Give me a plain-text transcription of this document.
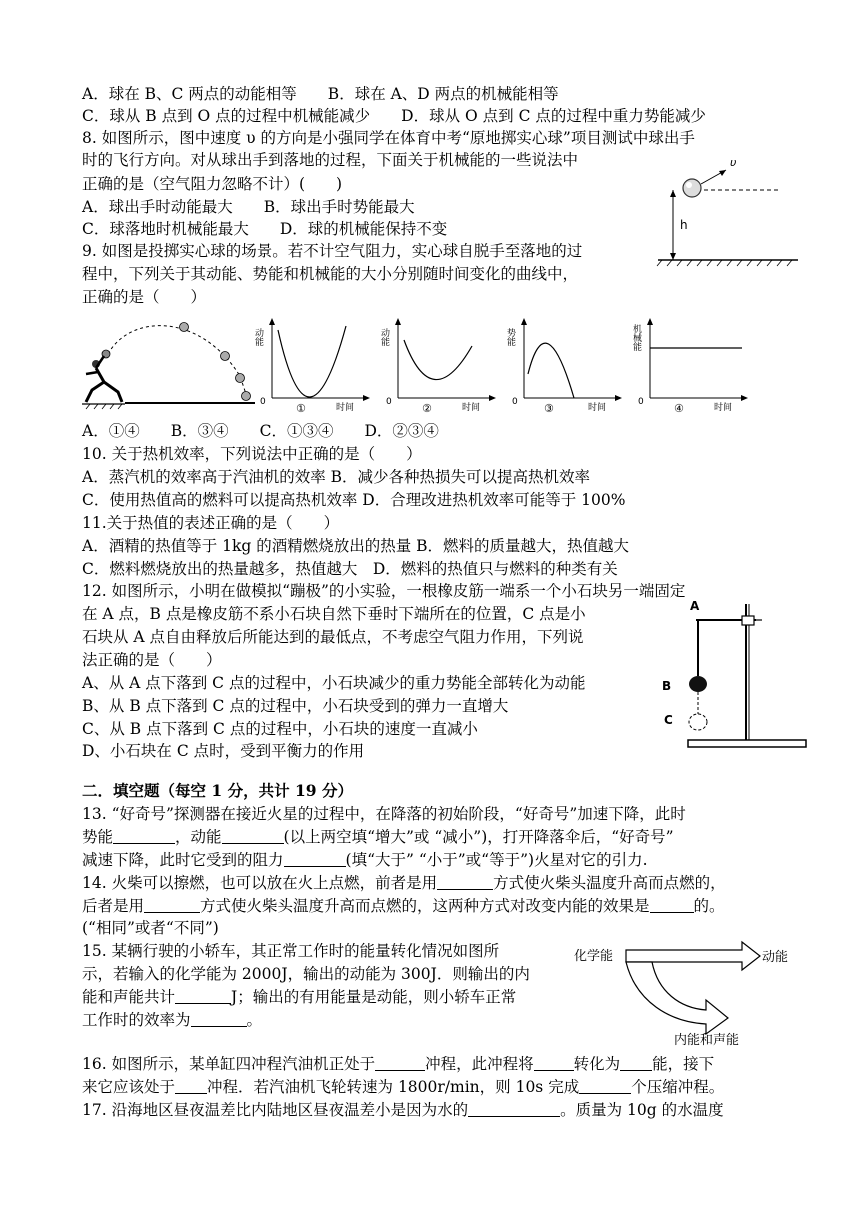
A．球在 B、C 两点的动能相等　　B．球在 A、D 两点的机械能相等
C．球从 B 点到 O 点的过程中机械能减少　　D．球从 O 点到 C 点的过程中重力势能减少
8. 如图所示，图中速度 υ 的方向是小强同学在体育中考“原地掷实心球”项目测试中球出手
时的飞行方向。对从球出手到落地的过程，下面关于机械能的一些说法中
正确的是（空气阻力忽略不计）(　　)
A．球出手时动能最大　　B．球出手时势能最大
C．球落地时机械能最大　　D．球的机械能保持不变
υ
h
9. 如图是投掷实心球的场景。若不计空气阻力，实心球自脱手至落地的过
程中，下列关于其动能、势能和机械能的大小分别随时间变化的曲线中，
正确的是（　　）
0
动能
时间
①	0
动能
时间
②	0
势能
时间
③	0
机械能
时间
④
A．①④　　B．③④　　C．①③④　　D．②③④
10. 关于热机效率，下列说法中正确的是（　　）
A．蒸汽机的效率高于汽油机的效率 B．减少各种热损失可以提高热机效率
C．使用热值高的燃料可以提高热机效率 D．合理改进热机效率可能等于 100%
11.关于热值的表述正确的是（　　）
A．酒精的热值等于 1kg 的酒精燃烧放出的热量 B．燃料的质量越大，热值越大
C．燃料燃烧放出的热量越多，热值越大　D．燃料的热值只与燃料的种类有关
12. 如图所示，小明在做模拟“蹦极”的小实验，一根橡皮筋一端系一个小石块另一端固定
在 A 点，B 点是橡皮筋不系小石块自然下垂时下端所在的位置，C 点是小
石块从 A 点自由释放后所能达到的最低点，不考虑空气阻力作用，下列说
法正确的是（　　）
A、从 A 点下落到 C 点的过程中，小石块减少的重力势能全部转化为动能
B、从 B 点下落到 C 点的过程中，小石块受到的弹力一直增大
C、从 B 点下落到 C 点的过程中，小石块的速度一直减小
D、小石块在 C 点时，受到平衡力的作用
A
B
C
二．填空题（每空 1 分，共计 19 分）
13. “好奇号”探测器在接近火星的过程中，在降落的初始阶段，“好奇号”加速下降，此时
势能	，动能	(以上两空填“增大”或 “减小”)，打开降落伞后，“好奇号”
减速下降，此时它受到的阻力	(填“大于” “小于”或“等于”)火星对它的引力.
14. 火柴可以擦燃，也可以放在火上点燃，前者是用	方式使火柴头温度升高而点燃的，
后者是用	方式使火柴头温度升高而点燃的，这两种方式对改变内能的效果是	的。
(“相同”或者“不同”)
15. 某辆行驶的小轿车，其正常工作时的能量转化情况如图所
示，若输入的化学能为 2000J，输出的动能为 300J．则输出的内
能和声能共计	J；输出的有用能量是动能，则小轿车正常
工作时的效率为	。
化学能	动能
内能和声能
16. 如图所示，某单缸四冲程汽油机正处于	冲程，此冲程将	转化为 能，接下
来它应该处于 冲程．若汽油机飞轮转速为 1800r/min，则 10s 完成	个压缩冲程。
17. 沿海地区昼夜温差比内陆地区昼夜温差小是因为水的	。质量为 10g 的水温度
